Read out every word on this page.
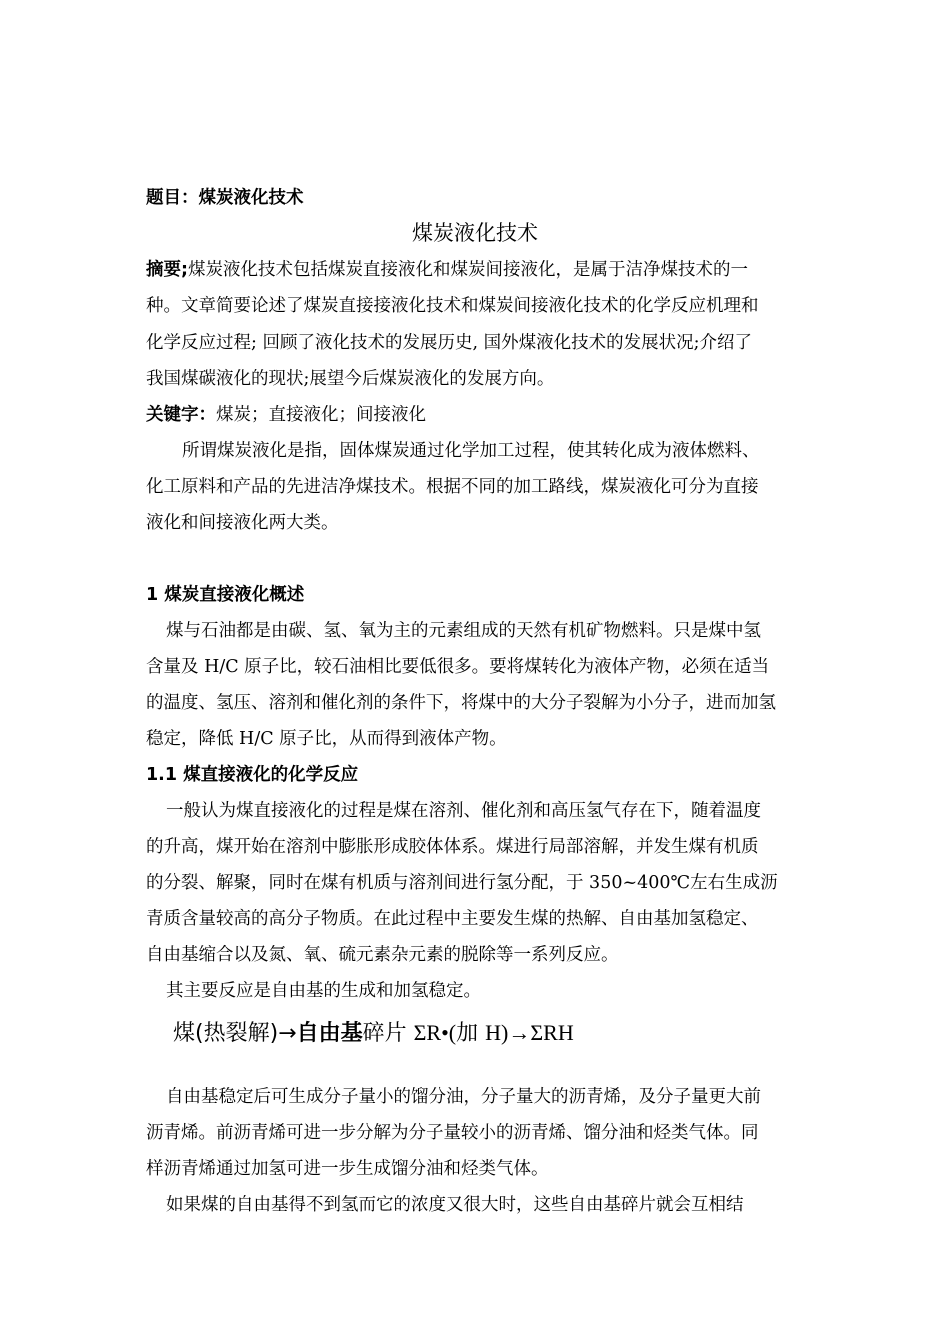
题目：煤炭液化技术
煤炭液化技术
摘要;煤炭液化技术包括煤炭直接液化和煤炭间接液化，是属于洁净煤技术的一
种。文章简要论述了煤炭直接接液化技术和煤炭间接液化技术的化学反应机理和
化学反应过程; 回顾了液化技术的发展历史, 国外煤液化技术的发展状况;介绍了
我国煤碳液化的现状;展望今后煤炭液化的发展方向。
关键字：煤炭；直接液化；间接液化
所谓煤炭液化是指，固体煤炭通过化学加工过程，使其转化成为液体燃料、
化工原料和产品的先进洁净煤技术。根据不同的加工路线，煤炭液化可分为直接
液化和间接液化两大类。
1 煤炭直接液化概述
煤与石油都是由碳、氢、氧为主的元素组成的天然有机矿物燃料。只是煤中氢
含量及 H/C 原子比，较石油相比要低很多。要将煤转化为液体产物，必须在适当
的温度、氢压、溶剂和催化剂的条件下，将煤中的大分子裂解为小分子，进而加氢
稳定，降低 H/C 原子比，从而得到液体产物。
1.1 煤直接液化的化学反应
一般认为煤直接液化的过程是煤在溶剂、催化剂和高压氢气存在下，随着温度
的升高，煤开始在溶剂中膨胀形成胶体体系。煤进行局部溶解，并发生煤有机质
的分裂、解聚，同时在煤有机质与溶剂间进行氢分配，于 350~400℃左右生成沥
青质含量较高的高分子物质。在此过程中主要发生煤的热解、自由基加氢稳定、
自由基缩合以及氮、氧、硫元素杂元素的脱除等一系列反应。
其主要反应是自由基的生成和加氢稳定。
煤(热裂解)→自由基碎片 ΣR•(加 H)→ΣRH
自由基稳定后可生成分子量小的馏分油，分子量大的沥青烯，及分子量更大前
沥青烯。前沥青烯可进一步分解为分子量较小的沥青烯、馏分油和烃类气体。同
样沥青烯通过加氢可进一步生成馏分油和烃类气体。
如果煤的自由基得不到氢而它的浓度又很大时，这些自由基碎片就会互相结
